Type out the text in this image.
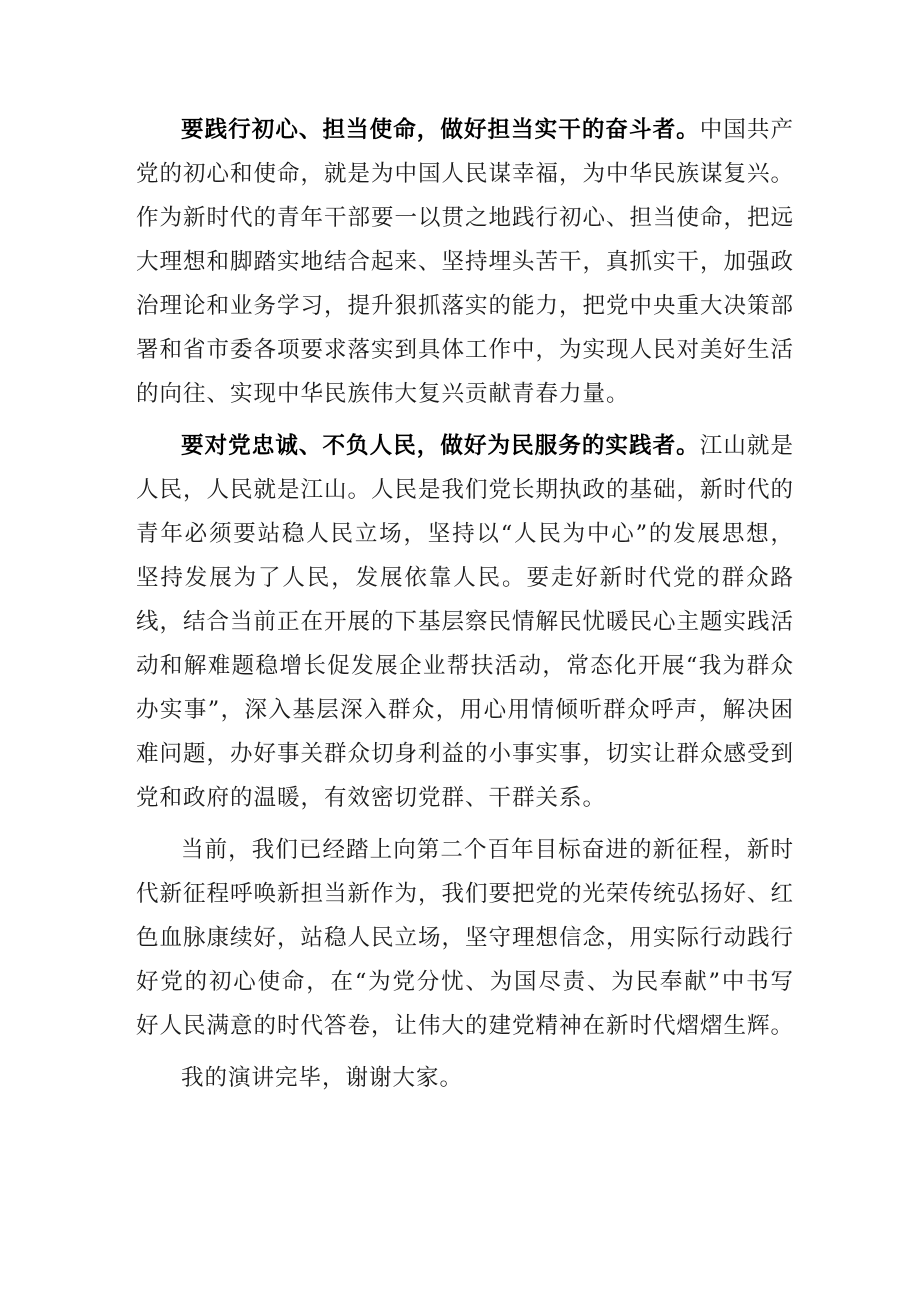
要践行初心、担当使命，做好担当实干的奋斗者。中国共产党的初心和使命，就是为中国人民谋幸福，为中华民族谋复兴。作为新时代的青年干部要一以贯之地践行初心、担当使命，把远大理想和脚踏实地结合起来、坚持埋头苦干，真抓实干，加强政治理论和业务学习，提升狠抓落实的能力，把党中央重大决策部署和省市委各项要求落实到具体工作中，为实现人民对美好生活的向往、实现中华民族伟大复兴贡献青春力量。

要对党忠诚、不负人民，做好为民服务的实践者。江山就是人民，人民就是江山。人民是我们党长期执政的基础，新时代的青年必须要站稳人民立场，坚持以“人民为中心”的发展思想，坚持发展为了人民，发展依靠人民。要走好新时代党的群众路线，结合当前正在开展的下基层察民情解民忧暖民心主题实践活动和解难题稳增长促发展企业帮扶活动，常态化开展“我为群众办实事”，深入基层深入群众，用心用情倾听群众呼声，解决困难问题，办好事关群众切身利益的小事实事，切实让群众感受到党和政府的温暖，有效密切党群、干群关系。

当前，我们已经踏上向第二个百年目标奋进的新征程，新时代新征程呼唤新担当新作为，我们要把党的光荣传统弘扬好、红色血脉康续好，站稳人民立场，坚守理想信念，用实际行动践行好党的初心使命，在“为党分忧、为国尽责、为民奉献”中书写好人民满意的时代答卷，让伟大的建党精神在新时代熠熠生辉。

我的演讲完毕，谢谢大家。
